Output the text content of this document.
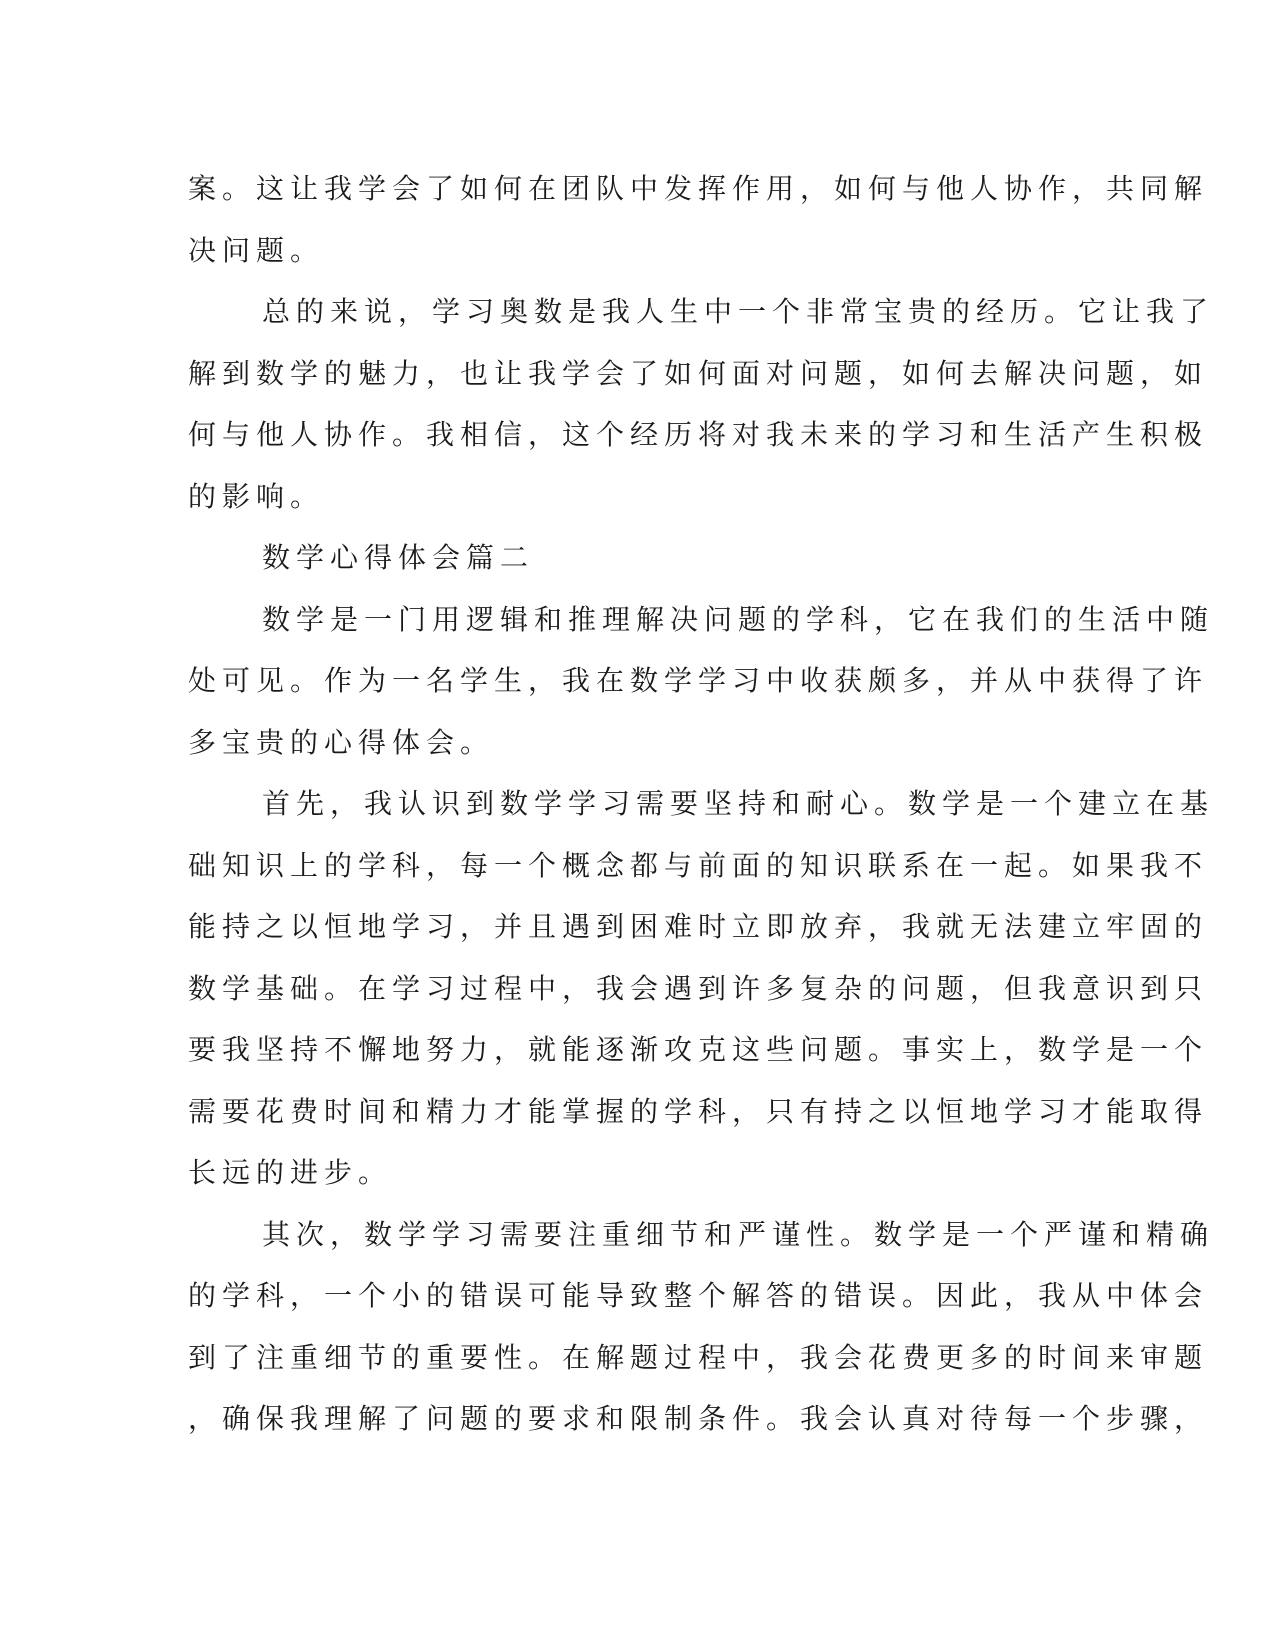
案。这让我学会了如何在团队中发挥作用，如何与他人协作，共同解
决问题。
总的来说，学习奥数是我人生中一个非常宝贵的经历。它让我了
解到数学的魅力，也让我学会了如何面对问题，如何去解决问题，如
何与他人协作。我相信，这个经历将对我未来的学习和生活产生积极
的影响。
数学心得体会篇二
数学是一门用逻辑和推理解决问题的学科，它在我们的生活中随
处可见。作为一名学生，我在数学学习中收获颇多，并从中获得了许
多宝贵的心得体会。
首先，我认识到数学学习需要坚持和耐心。数学是一个建立在基
础知识上的学科，每一个概念都与前面的知识联系在一起。如果我不
能持之以恒地学习，并且遇到困难时立即放弃，我就无法建立牢固的
数学基础。在学习过程中，我会遇到许多复杂的问题，但我意识到只
要我坚持不懈地努力，就能逐渐攻克这些问题。事实上，数学是一个
需要花费时间和精力才能掌握的学科，只有持之以恒地学习才能取得
长远的进步。
其次，数学学习需要注重细节和严谨性。数学是一个严谨和精确
的学科，一个小的错误可能导致整个解答的错误。因此，我从中体会
到了注重细节的重要性。在解题过程中，我会花费更多的时间来审题
，确保我理解了问题的要求和限制条件。我会认真对待每一个步骤，
